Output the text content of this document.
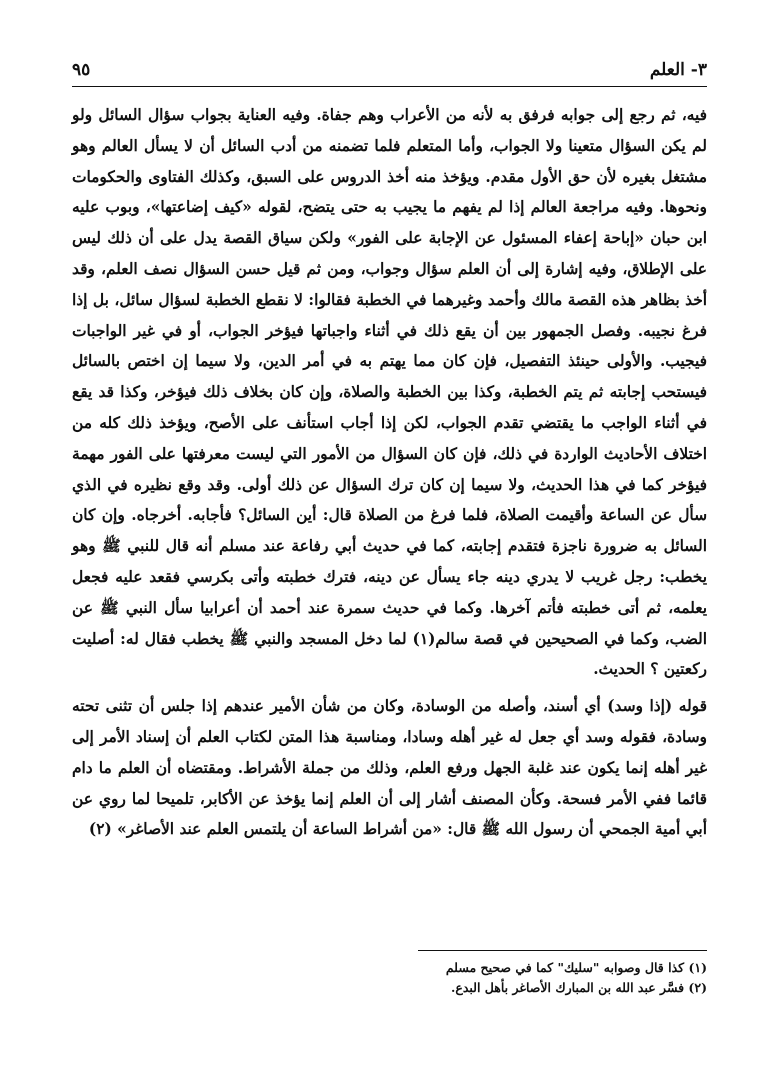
٣- العلم
٩٥

فيه، ثم رجع إلى جوابه فرفق به لأنه من الأعراب وهم جفاة. وفيه العناية بجواب سؤال السائل ولو لم يكن السؤال متعينا ولا الجواب، وأما المتعلم فلما تضمنه من أدب السائل أن لا يسأل العالم وهو مشتغل بغيره لأن حق الأول مقدم. ويؤخذ منه أخذ الدروس على السبق، وكذلك الفتاوى والحكومات ونحوها. وفيه مراجعة العالم إذا لم يفهم ما يجيب به حتى يتضح، لقوله «كيف إضاعتها»، وبوب عليه ابن حبان «إباحة إعفاء المسئول عن الإجابة على الفور» ولكن سياق القصة يدل على أن ذلك ليس على الإطلاق، وفيه إشارة إلى أن العلم سؤال وجواب، ومن ثم قيل حسن السؤال نصف العلم، وقد أخذ بظاهر هذه القصة مالك وأحمد وغيرهما في الخطبة فقالوا: لا نقطع الخطبة لسؤال سائل، بل إذا فرغ نجيبه. وفصل الجمهور بين أن يقع ذلك في أثناء واجباتها فيؤخر الجواب، أو في غير الواجبات فيجيب. والأولى حينئذ التفصيل، فإن كان مما يهتم به في أمر الدين، ولا سيما إن اختص بالسائل فيستحب إجابته ثم يتم الخطبة، وكذا بين الخطبة والصلاة، وإن كان بخلاف ذلك فيؤخر، وكذا قد يقع في أثناء الواجب ما يقتضي تقدم الجواب، لكن إذا أجاب استأنف على الأصح، ويؤخذ ذلك كله من اختلاف الأحاديث الواردة في ذلك، فإن كان السؤال من الأمور التي ليست معرفتها على الفور مهمة فيؤخر كما في هذا الحديث، ولا سيما إن كان ترك السؤال عن ذلك أولى. وقد وقع نظيره في الذي سأل عن الساعة وأقيمت الصلاة، فلما فرغ من الصلاة قال: أين السائل؟ فأجابه. أخرجاه. وإن كان السائل به ضرورة ناجزة فتقدم إجابته، كما في حديث أبي رفاعة عند مسلم أنه قال للنبي ﷺ وهو يخطب: رجل غريب لا يدري دينه جاء يسأل عن دينه، فترك خطبته وأتى بكرسي فقعد عليه فجعل يعلمه، ثم أتى خطبته فأتم آخرها. وكما في حديث سمرة عند أحمد أن أعرابيا سأل النبي ﷺ عن الضب، وكما في الصحيحين في قصة سالم(١) لما دخل المسجد والنبي ﷺ يخطب فقال له: أصليت ركعتين ؟ الحديث.

قوله (إذا وسد) أي أسند، وأصله من الوسادة، وكان من شأن الأمير عندهم إذا جلس أن تثنى تحته وسادة، فقوله وسد أي جعل له غير أهله وسادا، ومناسبة هذا المتن لكتاب العلم أن إسناد الأمر إلى غير أهله إنما يكون عند غلبة الجهل ورفع العلم، وذلك من جملة الأشراط. ومقتضاه أن العلم ما دام قائما ففي الأمر فسحة. وكأن المصنف أشار إلى أن العلم إنما يؤخذ عن الأكابر، تلميحا لما روي عن أبي أمية الجمحي أن رسول الله ﷺ قال: «من أشراط الساعة أن يلتمس العلم عند الأصاغر» (٢)

(١) كذا قال وصوابه "سليك" كما في صحيح مسلم
(٢) فسَّر عبد الله بن المبارك الأصاغر بأهل البدع.
